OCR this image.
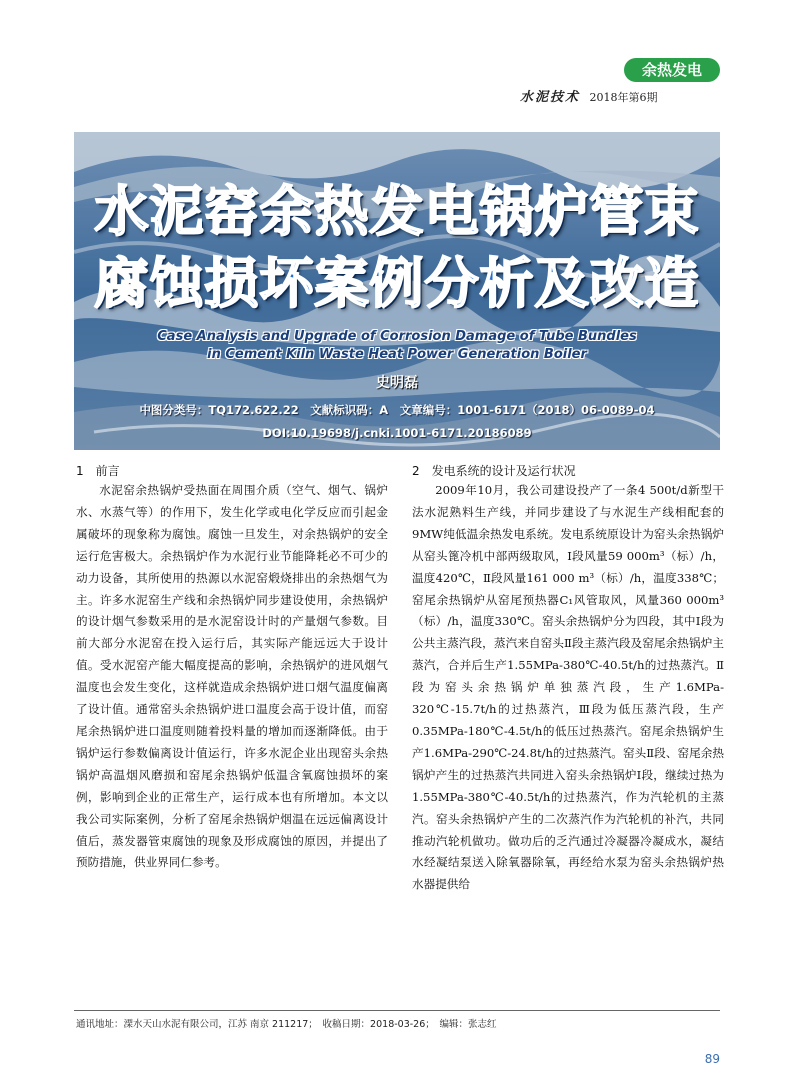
余热发电
水泥技术 2018年第6期
水泥窑余热发电锅炉管束
腐蚀损坏案例分析及改造
Case Analysis and Upgrade of Corrosion Damage of Tube Bundles
in Cement Kiln Waste Heat Power Generation Boiler
史明磊
中图分类号：TQ172.622.22　文献标识码：A　文章编号：1001-6171（2018）06-0089-04
DOI:10.19698/j.cnki.1001-6171.20186089
1　前言

水泥窑余热锅炉受热面在周围介质（空气、烟气、锅炉水、水蒸气等）的作用下，发生化学或电化学反应而引起金属破坏的现象称为腐蚀。腐蚀一旦发生，对余热锅炉的安全运行危害极大。余热锅炉作为水泥行业节能降耗必不可少的动力设备，其所使用的热源以水泥窑煅烧排出的余热烟气为主。许多水泥窑生产线和余热锅炉同步建设使用，余热锅炉的设计烟气参数采用的是水泥窑设计时的产量烟气参数。目前大部分水泥窑在投入运行后，其实际产能远远大于设计值。受水泥窑产能大幅度提高的影响，余热锅炉的进风烟气温度也会发生变化，这样就造成余热锅炉进口烟气温度偏离了设计值。通常窑头余热锅炉进口温度会高于设计值，而窑尾余热锅炉进口温度则随着投料量的增加而逐渐降低。由于锅炉运行参数偏离设计值运行，许多水泥企业出现窑头余热锅炉高温烟风磨损和窑尾余热锅炉低温含氧腐蚀损坏的案例，影响到企业的正常生产，运行成本也有所增加。本文以我公司实际案例，分析了窑尾余热锅炉烟温在远远偏离设计值后，蒸发器管束腐蚀的现象及形成腐蚀的原因，并提出了预防措施，供业界同仁参考。

2　发电系统的设计及运行状况

2009年10月，我公司建设投产了一条4 500t/d新型干法水泥熟料生产线，并同步建设了与水泥生产线相配套的9MW纯低温余热发电系统。发电系统原设计为窑头余热锅炉从窑头篦冷机中部两级取风，Ⅰ段风量59 000m³（标）/h，温度420℃，Ⅱ段风量161 000 m³（标）/h，温度338℃；窑尾余热锅炉从窑尾预热器C₁风管取风，风量360 000m³（标）/h，温度330℃。窑头余热锅炉分为四段，其中Ⅰ段为公共主蒸汽段，蒸汽来自窑头Ⅱ段主蒸汽段及窑尾余热锅炉主蒸汽，合并后生产1.55MPa-380℃-40.5t/h的过热蒸汽。Ⅱ段为窑头余热锅炉单独蒸汽段，生产1.6MPa-320℃-15.7t/h的过热蒸汽，Ⅲ段为低压蒸汽段，生产0.35MPa-180℃-4.5t/h的低压过热蒸汽。窑尾余热锅炉生产1.6MPa-290℃-24.8t/h的过热蒸汽。窑头Ⅱ段、窑尾余热锅炉产生的过热蒸汽共同进入窑头余热锅炉Ⅰ段，继续过热为1.55MPa-380℃-40.5t/h的过热蒸汽，作为汽轮机的主蒸汽。窑头余热锅炉产生的二次蒸汽作为汽轮机的补汽，共同推动汽轮机做功。做功后的乏汽通过冷凝器冷凝成水，凝结水经凝结泵送入除氧器除氧，再经给水泵为窑头余热锅炉热水器提供给

通讯地址：溧水天山水泥有限公司，江苏 南京 211217；　收稿日期：2018-03-26；　编辑：张志红
89
